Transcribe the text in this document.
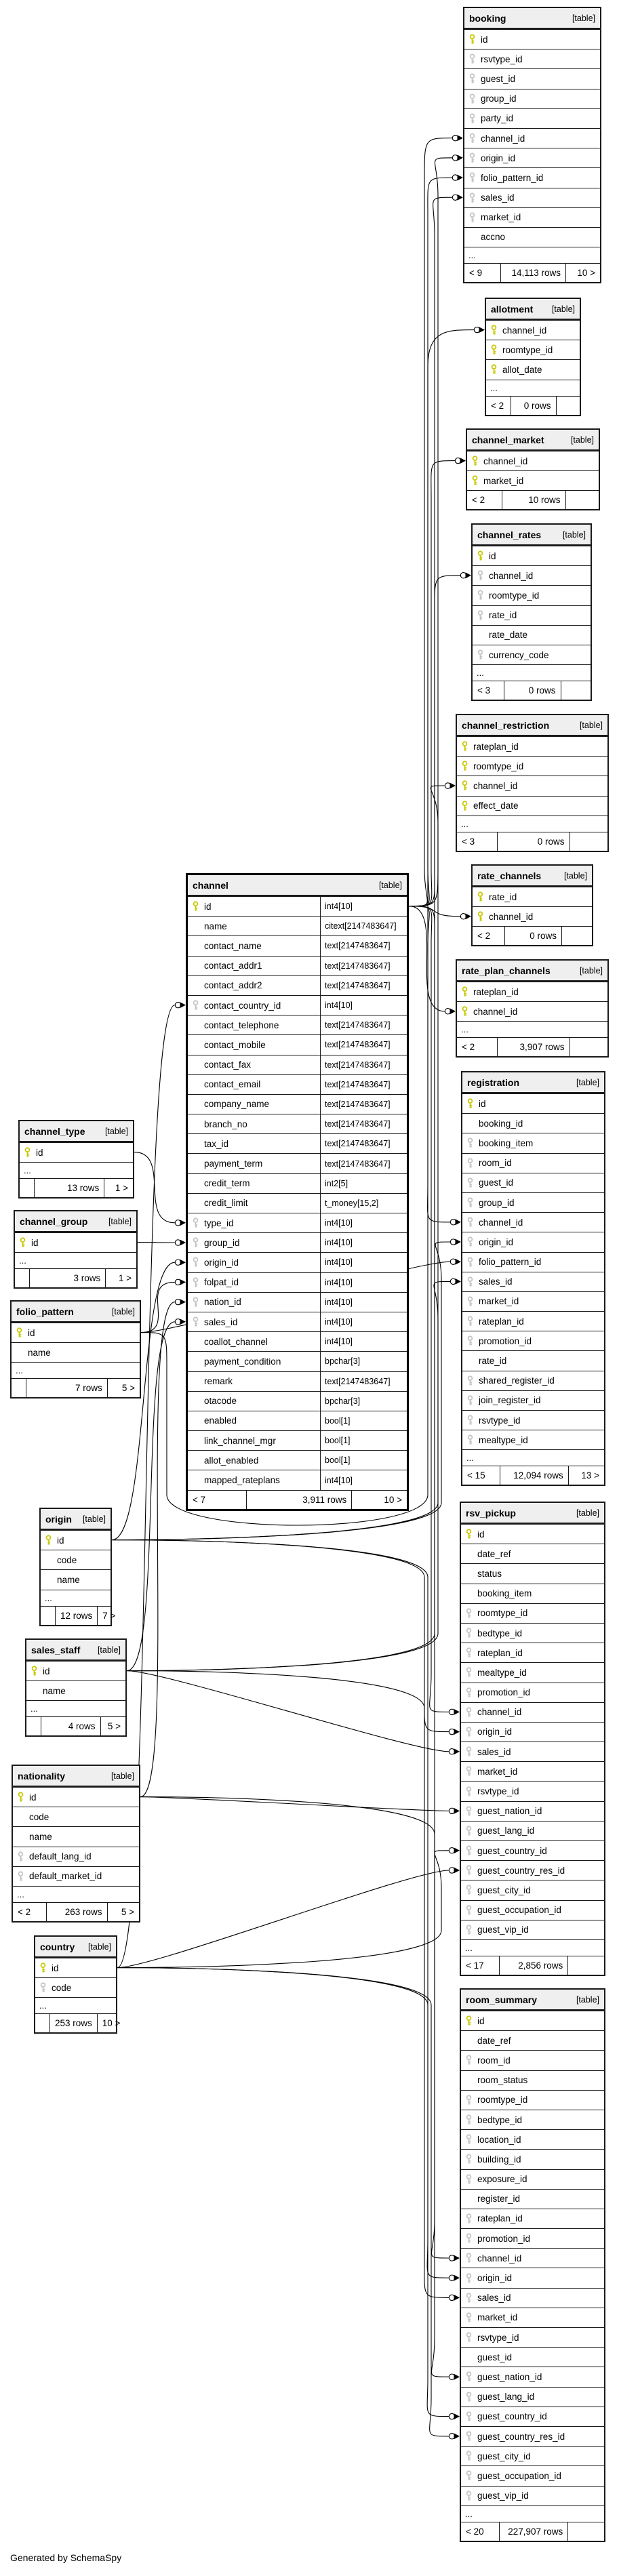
Generated by SchemaSpy
booking	[table]
id
rsvtype_id
guest_id
group_id
party_id
channel_id
origin_id
folio_pattern_id
sales_id
market_id
accno
...
< 9	14,113 rows	10 >
allotment	[table]
channel_id
roomtype_id
allot_date
...
< 2	0 rows
channel_market	[table]
channel_id
market_id
< 2	10 rows
channel_rates	[table]
id
channel_id
roomtype_id
rate_id
rate_date
currency_code
...
< 3	0 rows
channel_restriction	[table]
rateplan_id
roomtype_id
channel_id
effect_date
...
< 3	0 rows
rate_channels	[table]
rate_id
channel_id
< 2	0 rows
rate_plan_channels	[table]
rateplan_id
channel_id
...
< 2	3,907 rows
registration	[table]
id
booking_id
booking_item
room_id
guest_id
group_id
channel_id
origin_id
folio_pattern_id
sales_id
market_id
rateplan_id
promotion_id
rate_id
shared_register_id
join_register_id
rsvtype_id
mealtype_id
...
< 15	12,094 rows	13 >
rsv_pickup	[table]
id
date_ref
status
booking_item
roomtype_id
bedtype_id
rateplan_id
mealtype_id
promotion_id
channel_id
origin_id
sales_id
market_id
rsvtype_id
guest_nation_id
guest_lang_id
guest_country_id
guest_country_res_id
guest_city_id
guest_occupation_id
guest_vip_id
...
< 17	2,856 rows
room_summary	[table]
id
date_ref
room_id
room_status
roomtype_id
bedtype_id
location_id
building_id
exposure_id
register_id
rateplan_id
promotion_id
channel_id
origin_id
sales_id
market_id
rsvtype_id
guest_id
guest_nation_id
guest_lang_id
guest_country_id
guest_country_res_id
guest_city_id
guest_occupation_id
guest_vip_id
...
< 20	227,907 rows
channel	[table]
id	int4[10]
name	citext[2147483647]
contact_name	text[2147483647]
contact_addr1	text[2147483647]
contact_addr2	text[2147483647]
contact_country_id	int4[10]
contact_telephone	text[2147483647]
contact_mobile	text[2147483647]
contact_fax	text[2147483647]
contact_email	text[2147483647]
company_name	text[2147483647]
branch_no	text[2147483647]
tax_id	text[2147483647]
payment_term	text[2147483647]
credit_term	int2[5]
credit_limit	t_money[15,2]
type_id	int4[10]
group_id	int4[10]
origin_id	int4[10]
folpat_id	int4[10]
nation_id	int4[10]
sales_id	int4[10]
coallot_channel	int4[10]
payment_condition	bpchar[3]
remark	text[2147483647]
otacode	bpchar[3]
enabled	bool[1]
link_channel_mgr	bool[1]
allot_enabled	bool[1]
mapped_rateplans	int4[10]
< 7	3,911 rows	10 >
channel_type	[table]
id
...
13 rows	1 >
channel_group	[table]
id
...
3 rows	1 >
folio_pattern	[table]
id
name
...
7 rows	5 >
origin	[table]
id
code
name
...
12 rows	7 >
sales_staff	[table]
id
name
...
4 rows	5 >
nationality	[table]
id
code
name
default_lang_id
default_market_id
...
< 2	263 rows	5 >
country	[table]
id
code
...
253 rows	10 >
